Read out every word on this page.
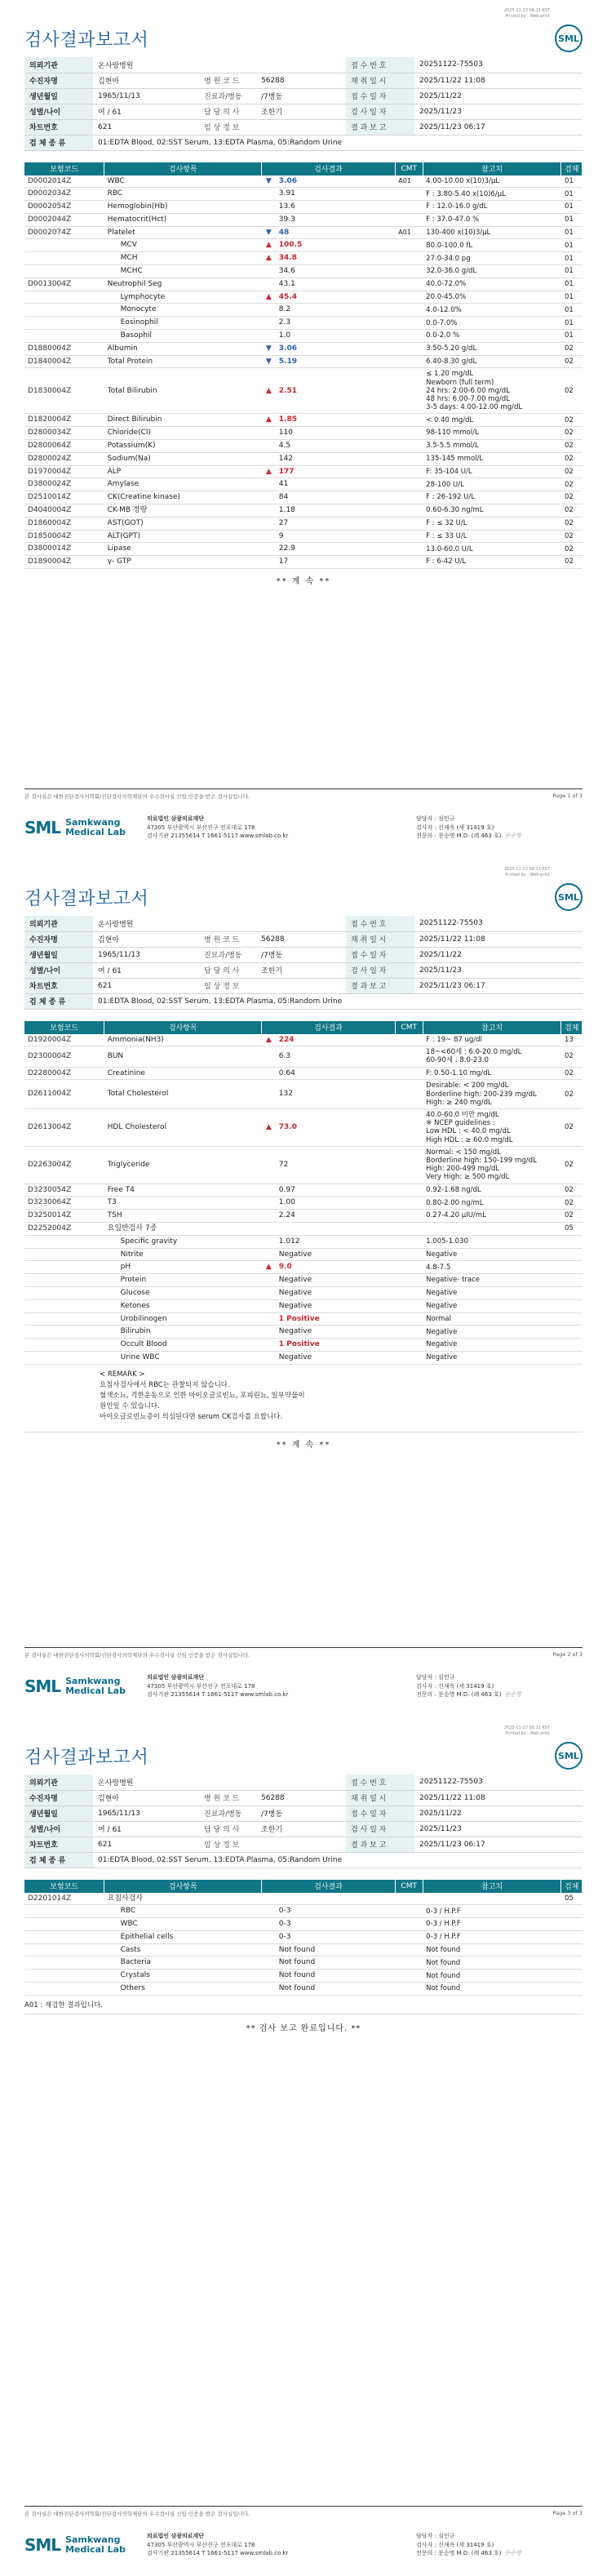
검사결과보고서
2025-11-23 08:11 KST
Printed by : Web-print
SML
의뢰기관	온사랑병원			접 수 번 호	20251122-75503
수진자명	김현아	병 원 코 드	56288	채 취 일 시	2025/11/22 11:08
생년월일	1965/11/13	진료과/병동	/7병동	접 수 일 자	2025/11/22
성별/나이	여 / 61	담 당 의 사	조한기	검 사 일 자	2025/11/23
차트번호	621	임 상 정 보		결 과 보 고	2025/11/23 06:17
검 체 종 류	01:EDTA Blood, 02:SST Serum, 13:EDTA Plasma, 05:Random Urine				
보험코드	검사항목	검사결과		CMT	참고치	검체
D0002014Z	WBC	▼	3.06	A01	4.00-10.00 x(10)3/μL	01
D0002034Z	RBC		3.91		F : 3.80-5.40 x(10)6/μL	01
D0002054Z	Hemoglobin(Hb)		13.6		F : 12.0-16.0 g/dL	01
D0002044Z	Hematocrit(Hct)		39.3		F : 37.0-47.0 %	01
D0002074Z	Platelet	▼	48	A01	130-400 x(10)3/μL	01
	MCV	▲	100.5		80.0-100.0 fL	01
	MCH	▲	34.8		27.0-34.0 pg	01
	MCHC		34.6		32.0-36.0 g/dL	01
D0013004Z	Neutrophil Seg		43.1		40.0-72.0%	01
	Lymphocyte	▲	45.4		20.0-45.0%	01
	Monocyte		8.2		4.0-12.0%	01
	Eosinophil		2.3		0.0-7.0%	01
	Basophil		1.0		0.0-2.0 %	01
D1880004Z	Albumin	▼	3.06		3.50-5.20 g/dL	02
D1840004Z	Total Protein	▼	5.19		6.40-8.30 g/dL	02
D1830004Z	Total Bilirubin	▲	2.51		≤ 1.20 mg/dL
Newborn (full term)
24 hrs: 2.00-6.00 mg/dL
48 hrs: 6.00-7.00 mg/dL
3-5 days: 4.00-12.00 mg/dL	02
D1820004Z	Direct Bilirubin	▲	1.85		< 0.40 mg/dL	02
D2800034Z	Chloride(Cl)		110		98-110 mmol/L	02
D2800064Z	Potassium(K)		4.5		3.5-5.5 mmol/L	02
D2800024Z	Sodium(Na)		142		135-145 mmol/L	02
D1970004Z	ALP	▲	177		F: 35-104 U/L	02
D3800024Z	Amylase		41		28-100 U/L	02
D2510014Z	CK(Creatine kinase)		84		F : 26-192 U/L	02
D4040004Z	CK-MB 정량		1.18		0.60-6.30 ng/mL	02
D1860004Z	AST(GOT)		27		F : ≤ 32 U/L	02
D1850004Z	ALT(GPT)		9		F : ≤ 33 U/L	02
D3800014Z	Lipase		22.9		13.0-60.0 U/L	02
D1890004Z	γ- GTP		17		F : 6-42 U/L	02
** 계 속 **
본 검사실은 대한진단검사의학회/진단검사의학재단의 우수검사실 신임 인증을 받은 검사실입니다.	Page 1 of 3
SML Samkwang
Medical Lab
의료법인 삼광의료재단
47305 부산광역시 부산진구 전포대로 178
검사기관 21355614 T 1661-5117 www.smlab.co.kr
담당자 : 심민규
검사자 : 신재옥 (세 31419 호)
전문의 : 문순명 M.D. (레 463 호) 문순명
검사결과보고서
2025-11-23 08:11 KST
Printed by : Web-print
SML
의뢰기관	온사랑병원			접 수 번 호	20251122-75503
수진자명	김현아	병 원 코 드	56288	채 취 일 시	2025/11/22 11:08
생년월일	1965/11/13	진료과/병동	/7병동	접 수 일 자	2025/11/22
성별/나이	여 / 61	담 당 의 사	조한기	검 사 일 자	2025/11/23
차트번호	621	임 상 정 보		결 과 보 고	2025/11/23 06:17
검 체 종 류	01:EDTA Blood, 02:SST Serum, 13:EDTA Plasma, 05:Random Urine				
보험코드	검사항목	검사결과		CMT	참고치	검체
D1920004Z	Ammonia(NH3)	▲	224		F : 19~ 87 ug/dl	13
D2300004Z	BUN		6.3		18~<60세 : 6.0-20.0 mg/dL
60-90세 : 8.0-23.0	02
D2280004Z	Creatinine		0.64		F: 0.50-1.10 mg/dL	02
D2611004Z	Total Cholesterol		132		Desirable: < 200 mg/dL
Borderline high: 200-239 mg/dL
High: ≥ 240 mg/dL	02
D2613004Z	HDL Cholesterol	▲	73.0		40.0-60.0 미만 mg/dL
※ NCEP guidelines :
Low HDL : < 40.0 mg/dL
High HDL : ≥ 60.0 mg/dL	02
D2263004Z	Triglyceride		72		Normal: < 150 mg/dL
Borderline high: 150-199 mg/dL
High: 200-499 mg/dL
Very High: ≥ 500 mg/dL	02
D3230054Z	Free T4		0.97		0.92-1.68 ng/dL	02
D3230064Z	T3		1.00		0.80-2.00 ng/mL	02
D3250014Z	TSH		2.24		0.27-4.20 μIU/mL	02
D2252004Z	요일반검사 7종					05
	Specific gravity		1.012		1.005-1.030	
	Nitrite		Negative		Negative	
	pH	▲	9.0		4.8-7.5	
	Protein		Negative		Negative- trace	
	Glucose		Negative		Negative	
	Ketones		Negative		Negative	
	Urobilinogen		1 Positive		Normal	
	Bilirubin		Negative		Negative	
	Occult Blood		1 Positive		Negative	
	Urine WBC		Negative		Negative	

< REMARK >
요침사검사에서 RBC는 관찰되지 않습니다.
혈색소뇨, 격한운동으로 인한 마이오글로빈뇨, 포피린뇨, 일부약물이
원인일 수 있습니다.
마이오글로빈뇨증이 의심된다면 serum CK검사를 요합니다.						
** 계 속 **
본 검사실은 대한진단검사의학회/진단검사의학재단의 우수검사실 신임 인증을 받은 검사실입니다.	Page 2 of 3
SML Samkwang
Medical Lab
의료법인 삼광의료재단
47305 부산광역시 부산진구 전포대로 178
검사기관 21355614 T 1661-5117 www.smlab.co.kr
담당자 : 심민규
검사자 : 신재옥 (세 31419 호)
전문의 : 문순명 M.D. (레 463 호) 문순명
검사결과보고서
2025-11-23 08:11 KST
Printed by : Web-print
SML
의뢰기관	온사랑병원			접 수 번 호	20251122-75503
수진자명	김현아	병 원 코 드	56288	채 취 일 시	2025/11/22 11:08
생년월일	1965/11/13	진료과/병동	/7병동	접 수 일 자	2025/11/22
성별/나이	여 / 61	담 당 의 사	조한기	검 사 일 자	2025/11/23
차트번호	621	임 상 정 보		결 과 보 고	2025/11/23 06:17
검 체 종 류	01:EDTA Blood, 02:SST Serum, 13:EDTA Plasma, 05:Random Urine				
보험코드	검사항목	검사결과		CMT	참고치	검체
D2201014Z	요침사검사					05
	RBC		0-3		0-3 / H.P.F	
	WBC		0-3		0-3 / H.P.F	
	Epithelial cells		0-3		0-3 / H.P.F	
	Casts		Not found		Not found	
	Bacteria		Not found		Not found	
	Crystals		Not found		Not found	
	Others		Not found		Not found	
A01 : 재검한 결과입니다.
** 검사 보고 완료입니다. **
본 검사실은 대한진단검사의학회/진단검사의학재단의 우수검사실 신임 인증을 받은 검사실입니다.	Page 3 of 3
SML Samkwang
Medical Lab
의료법인 삼광의료재단
47305 부산광역시 부산진구 전포대로 178
검사기관 21355614 T 1661-5117 www.smlab.co.kr
담당자 : 심민규
검사자 : 신재옥 (세 31419 호)
전문의 : 문순명 M.D. (레 463 호) 문순명
